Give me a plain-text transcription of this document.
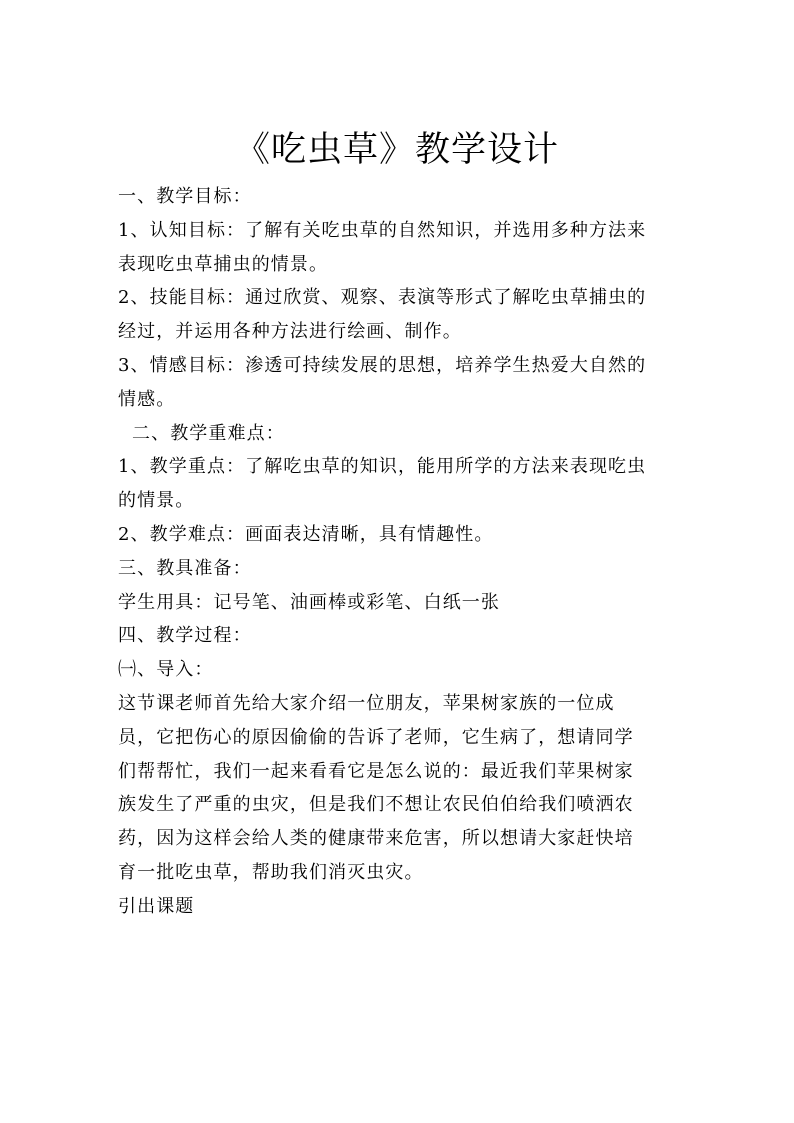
《吃虫草》教学设计
一、教学目标：
1、认知目标：了解有关吃虫草的自然知识，并选用多种方法来
表现吃虫草捕虫的情景。
2、技能目标：通过欣赏、观察、表演等形式了解吃虫草捕虫的
经过，并运用各种方法进行绘画、制作。
3、情感目标：渗透可持续发展的思想，培养学生热爱大自然的
情感。
二、教学重难点：
1、教学重点：了解吃虫草的知识，能用所学的方法来表现吃虫
的情景。
2、教学难点：画面表达清晰，具有情趣性。
三、教具准备：
学生用具：记号笔、油画棒或彩笔、白纸一张
四、教学过程：
㈠、导入：
这节课老师首先给大家介绍一位朋友，苹果树家族的一位成
员，它把伤心的原因偷偷的告诉了老师，它生病了，想请同学
们帮帮忙，我们一起来看看它是怎么说的：最近我们苹果树家
族发生了严重的虫灾，但是我们不想让农民伯伯给我们喷洒农
药，因为这样会给人类的健康带来危害，所以想请大家赶快培
育一批吃虫草，帮助我们消灭虫灾。
引出课题
